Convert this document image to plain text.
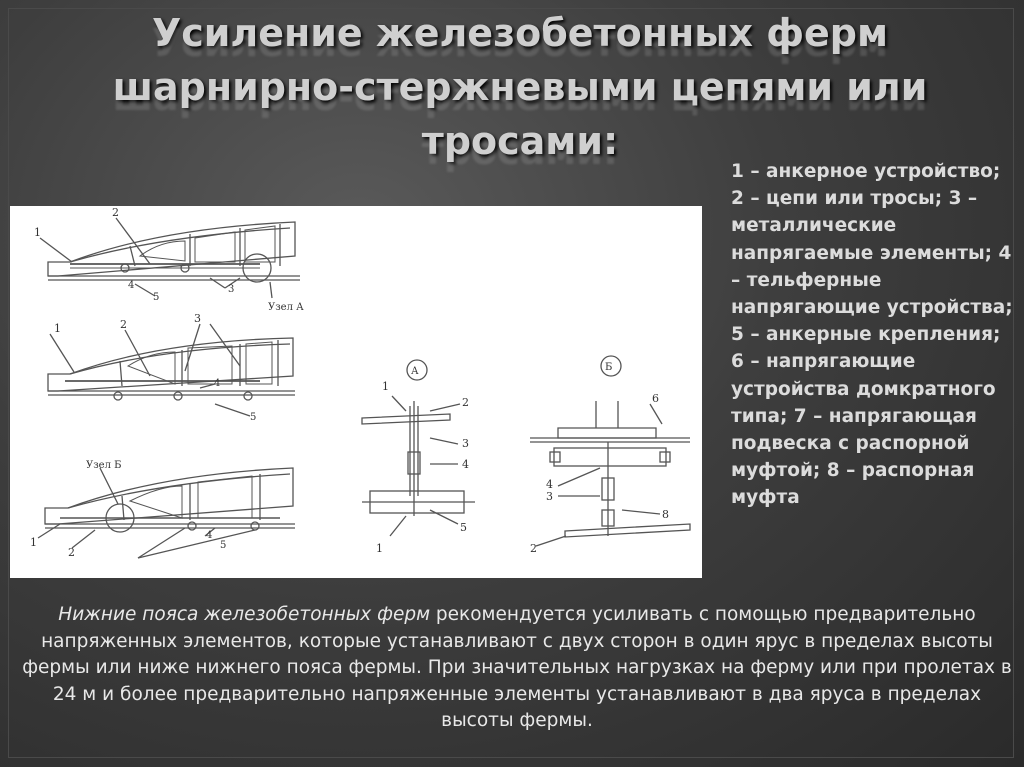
Усиление железобетонных ферм шарнирно-стержневыми цепями или тросами:
1
2
4
5
3
Узел А
1	2	3
4
5
Узел Б
1
2
4
5
А
1
2
3
4
5
1
Б
6
4
3
8
2

1 – анкерное устройство; 2 – цепи или тросы; 3 – металлические напрягаемые элементы; 4 – тельферные напрягающие устройства; 5 – анкерные крепления; 6 – напрягающие устройства домкратного типа; 7 – напрягающая подвеска с распорной муфтой; 8 – распорная муфта

Нижние пояса железобетонных ферм рекомендуется усиливать с помощью предварительно напряженных элементов, которые устанавливают с двух сторон в один ярус в пределах высоты фермы или ниже нижнего пояса фермы. При значительных нагрузках на ферму или при пролетах в 24 м и более предварительно напряженные элементы устанавливают в два яруса в пределах высоты фермы.
